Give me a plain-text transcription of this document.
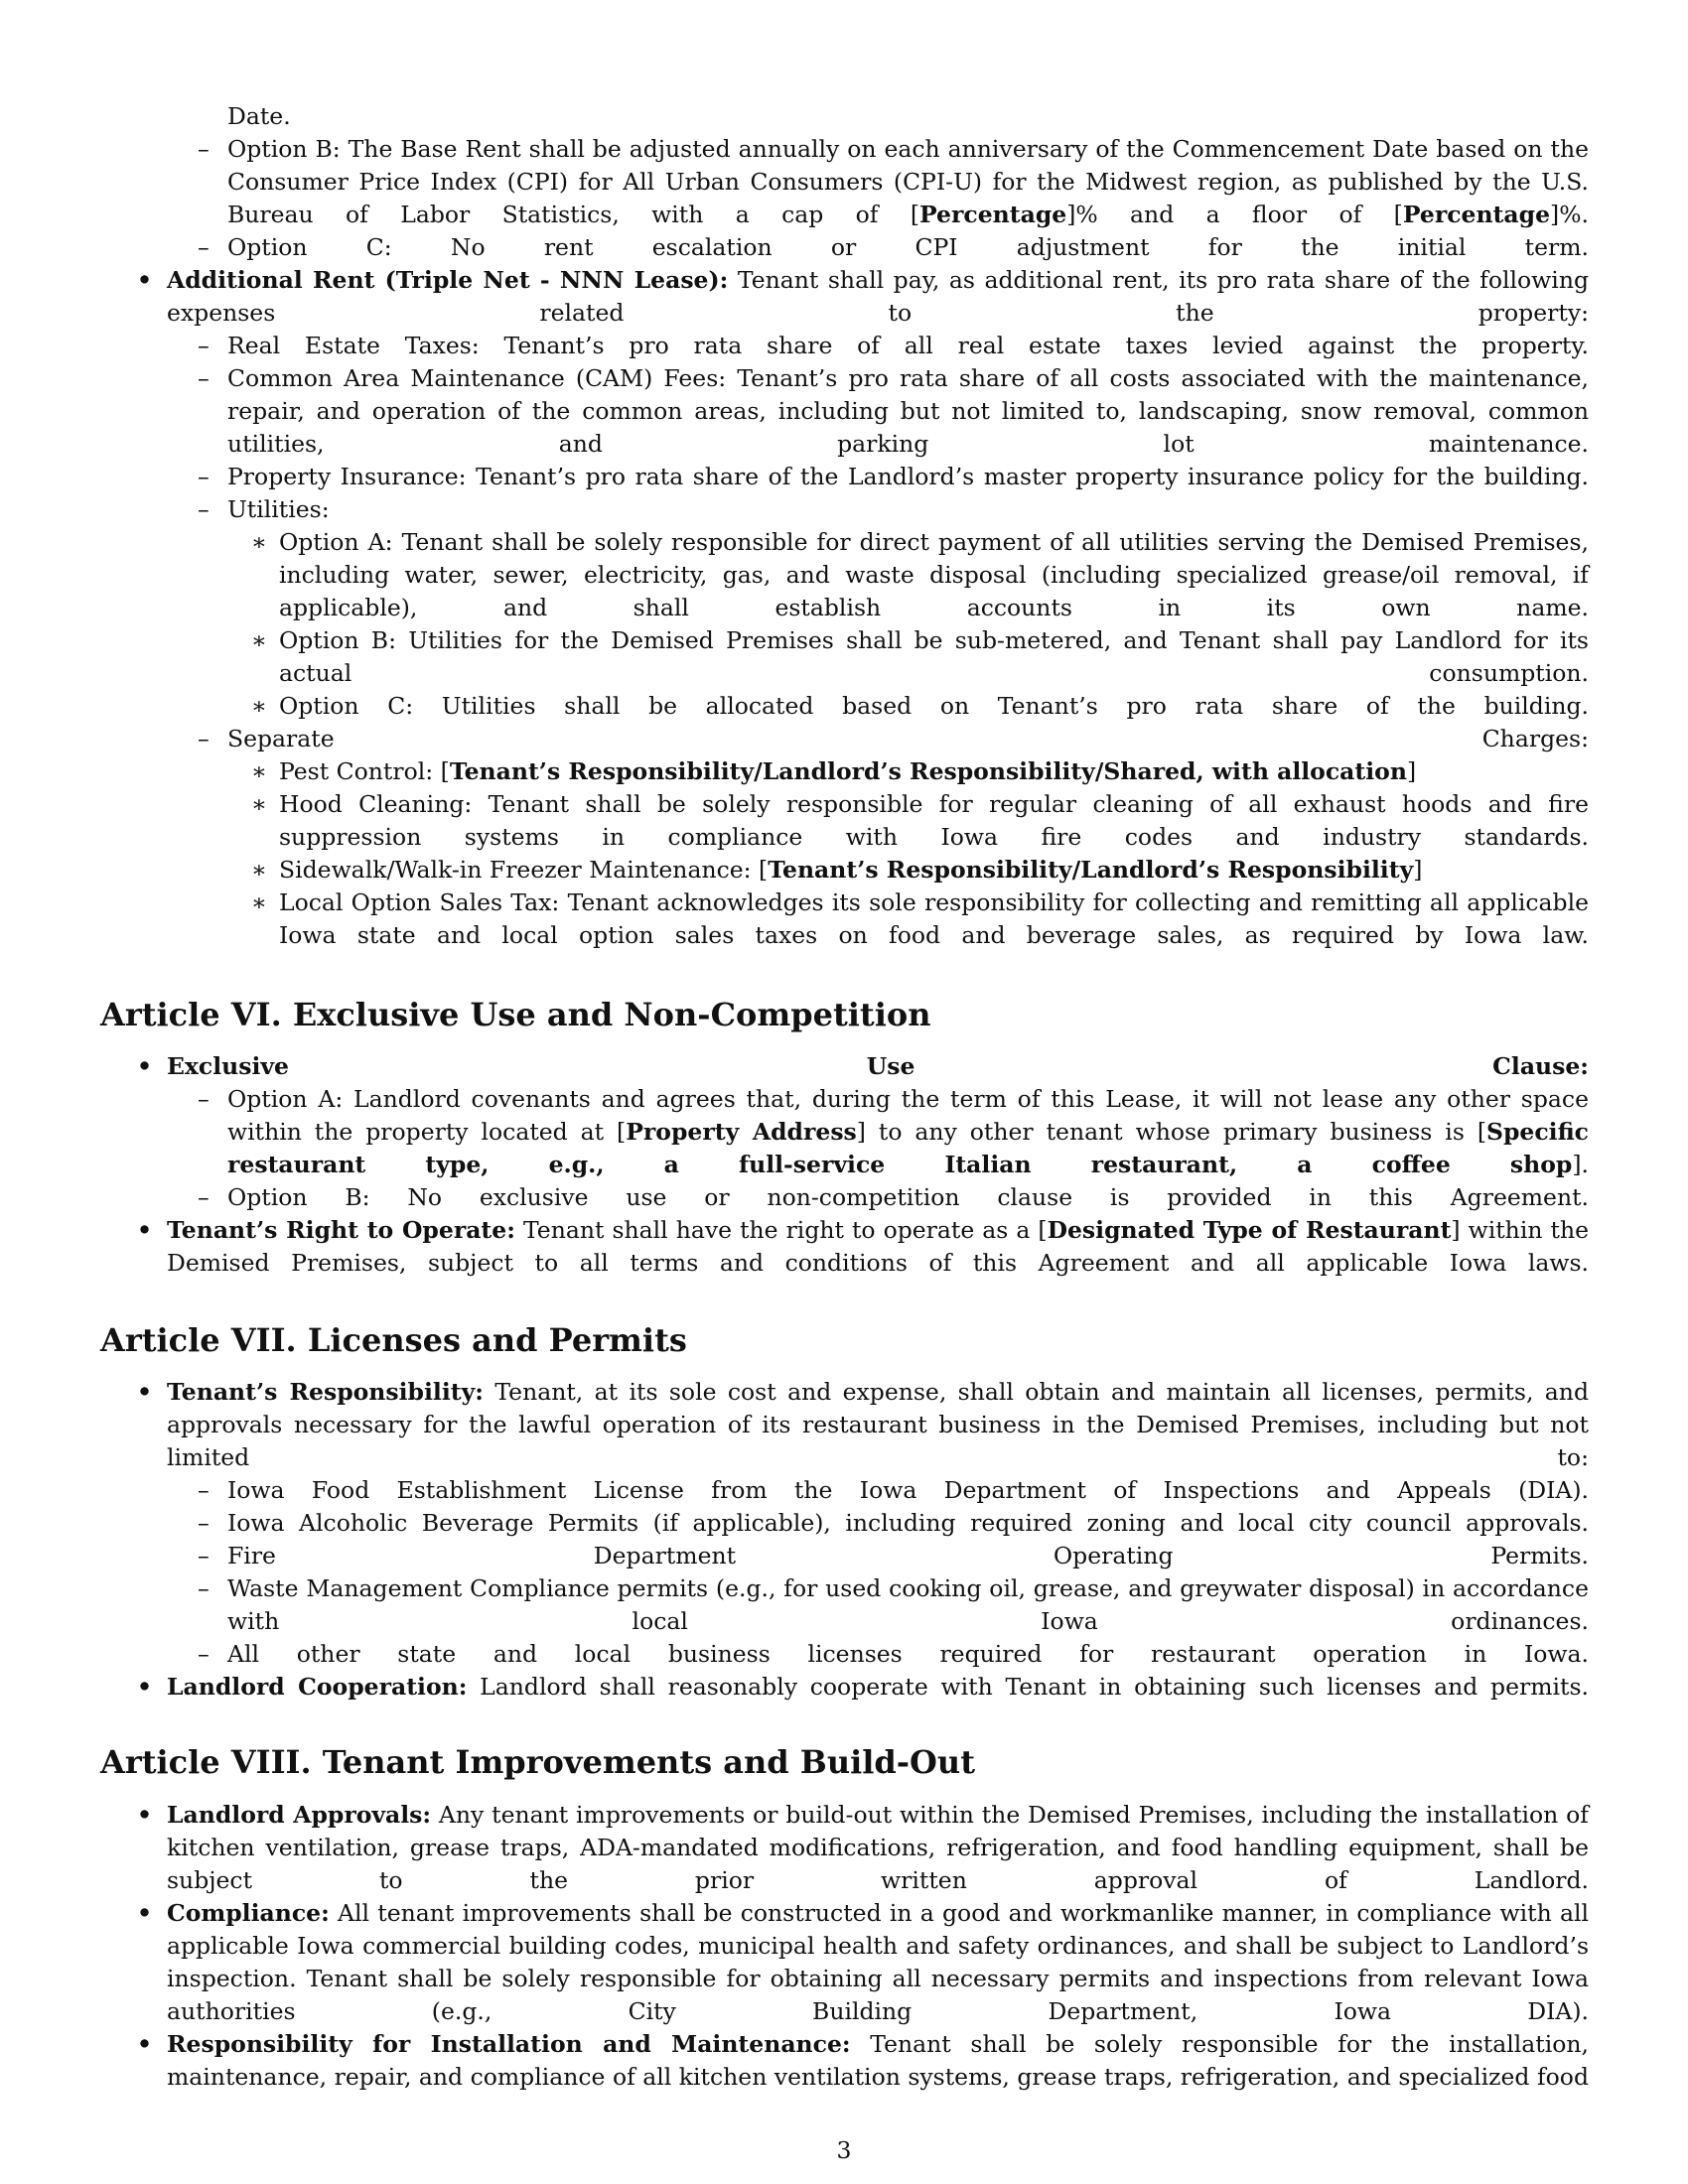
Date.
– Option B: The Base Rent shall be adjusted annually on each anniversary of the Commencement Date based on the Consumer Price Index (CPI) for All Urban Consumers (CPI-U) for the Midwest region, as published by the U.S. Bureau of Labor Statistics, with a cap of [Percentage]% and a floor of [Percentage]%.
– Option C: No rent escalation or CPI adjustment for the initial term.
• Additional Rent (Triple Net - NNN Lease): Tenant shall pay, as additional rent, its pro rata share of the following expenses related to the property:
– Real Estate Taxes: Tenant’s pro rata share of all real estate taxes levied against the property.
– Common Area Maintenance (CAM) Fees: Tenant’s pro rata share of all costs associated with the maintenance, repair, and operation of the common areas, including but not limited to, landscaping, snow removal, common utilities, and parking lot maintenance.
– Property Insurance: Tenant’s pro rata share of the Landlord’s master property insurance policy for the building.
– Utilities:
∗ Option A: Tenant shall be solely responsible for direct payment of all utilities serving the Demised Premises, including water, sewer, electricity, gas, and waste disposal (including specialized grease/oil removal, if applicable), and shall establish accounts in its own name.
∗ Option B: Utilities for the Demised Premises shall be sub-metered, and Tenant shall pay Landlord for its actual consumption.
∗ Option C: Utilities shall be allocated based on Tenant’s pro rata share of the building.
– Separate Charges:
∗ Pest Control: [Tenant’s Responsibility/Landlord’s Responsibility/Shared, with allocation]
∗ Hood Cleaning: Tenant shall be solely responsible for regular cleaning of all exhaust hoods and fire suppression systems in compliance with Iowa fire codes and industry standards.
∗ Sidewalk/Walk-in Freezer Maintenance: [Tenant’s Responsibility/Landlord’s Responsibility]
∗ Local Option Sales Tax: Tenant acknowledges its sole responsibility for collecting and remitting all applicable Iowa state and local option sales taxes on food and beverage sales, as required by Iowa law.
Article VI. Exclusive Use and Non-Competition
• Exclusive Use Clause:
– Option A: Landlord covenants and agrees that, during the term of this Lease, it will not lease any other space within the property located at [Property Address] to any other tenant whose primary business is [Specific restaurant type, e.g., a full-service Italian restaurant, a coffee shop].
– Option B: No exclusive use or non-competition clause is provided in this Agreement.
• Tenant’s Right to Operate: Tenant shall have the right to operate as a [Designated Type of Restaurant] within the Demised Premises, subject to all terms and conditions of this Agreement and all applicable Iowa laws.
Article VII. Licenses and Permits
• Tenant’s Responsibility: Tenant, at its sole cost and expense, shall obtain and maintain all licenses, permits, and approvals necessary for the lawful operation of its restaurant business in the Demised Premises, including but not limited to:
– Iowa Food Establishment License from the Iowa Department of Inspections and Appeals (DIA).
– Iowa Alcoholic Beverage Permits (if applicable), including required zoning and local city council approvals.
– Fire Department Operating Permits.
– Waste Management Compliance permits (e.g., for used cooking oil, grease, and greywater disposal) in accordance with local Iowa ordinances.
– All other state and local business licenses required for restaurant operation in Iowa.
• Landlord Cooperation: Landlord shall reasonably cooperate with Tenant in obtaining such licenses and permits.
Article VIII. Tenant Improvements and Build-Out
• Landlord Approvals: Any tenant improvements or build-out within the Demised Premises, including the installation of kitchen ventilation, grease traps, ADA-mandated modifications, refrigeration, and food handling equipment, shall be subject to the prior written approval of Landlord.
• Compliance: All tenant improvements shall be constructed in a good and workmanlike manner, in compliance with all applicable Iowa commercial building codes, municipal health and safety ordinances, and shall be subject to Landlord’s inspection. Tenant shall be solely responsible for obtaining all necessary permits and inspections from relevant Iowa authorities (e.g., City Building Department, Iowa DIA).
• Responsibility for Installation and Maintenance: Tenant shall be solely responsible for the installation, maintenance, repair, and compliance of all kitchen ventilation systems, grease traps, refrigeration, and specialized food
3
